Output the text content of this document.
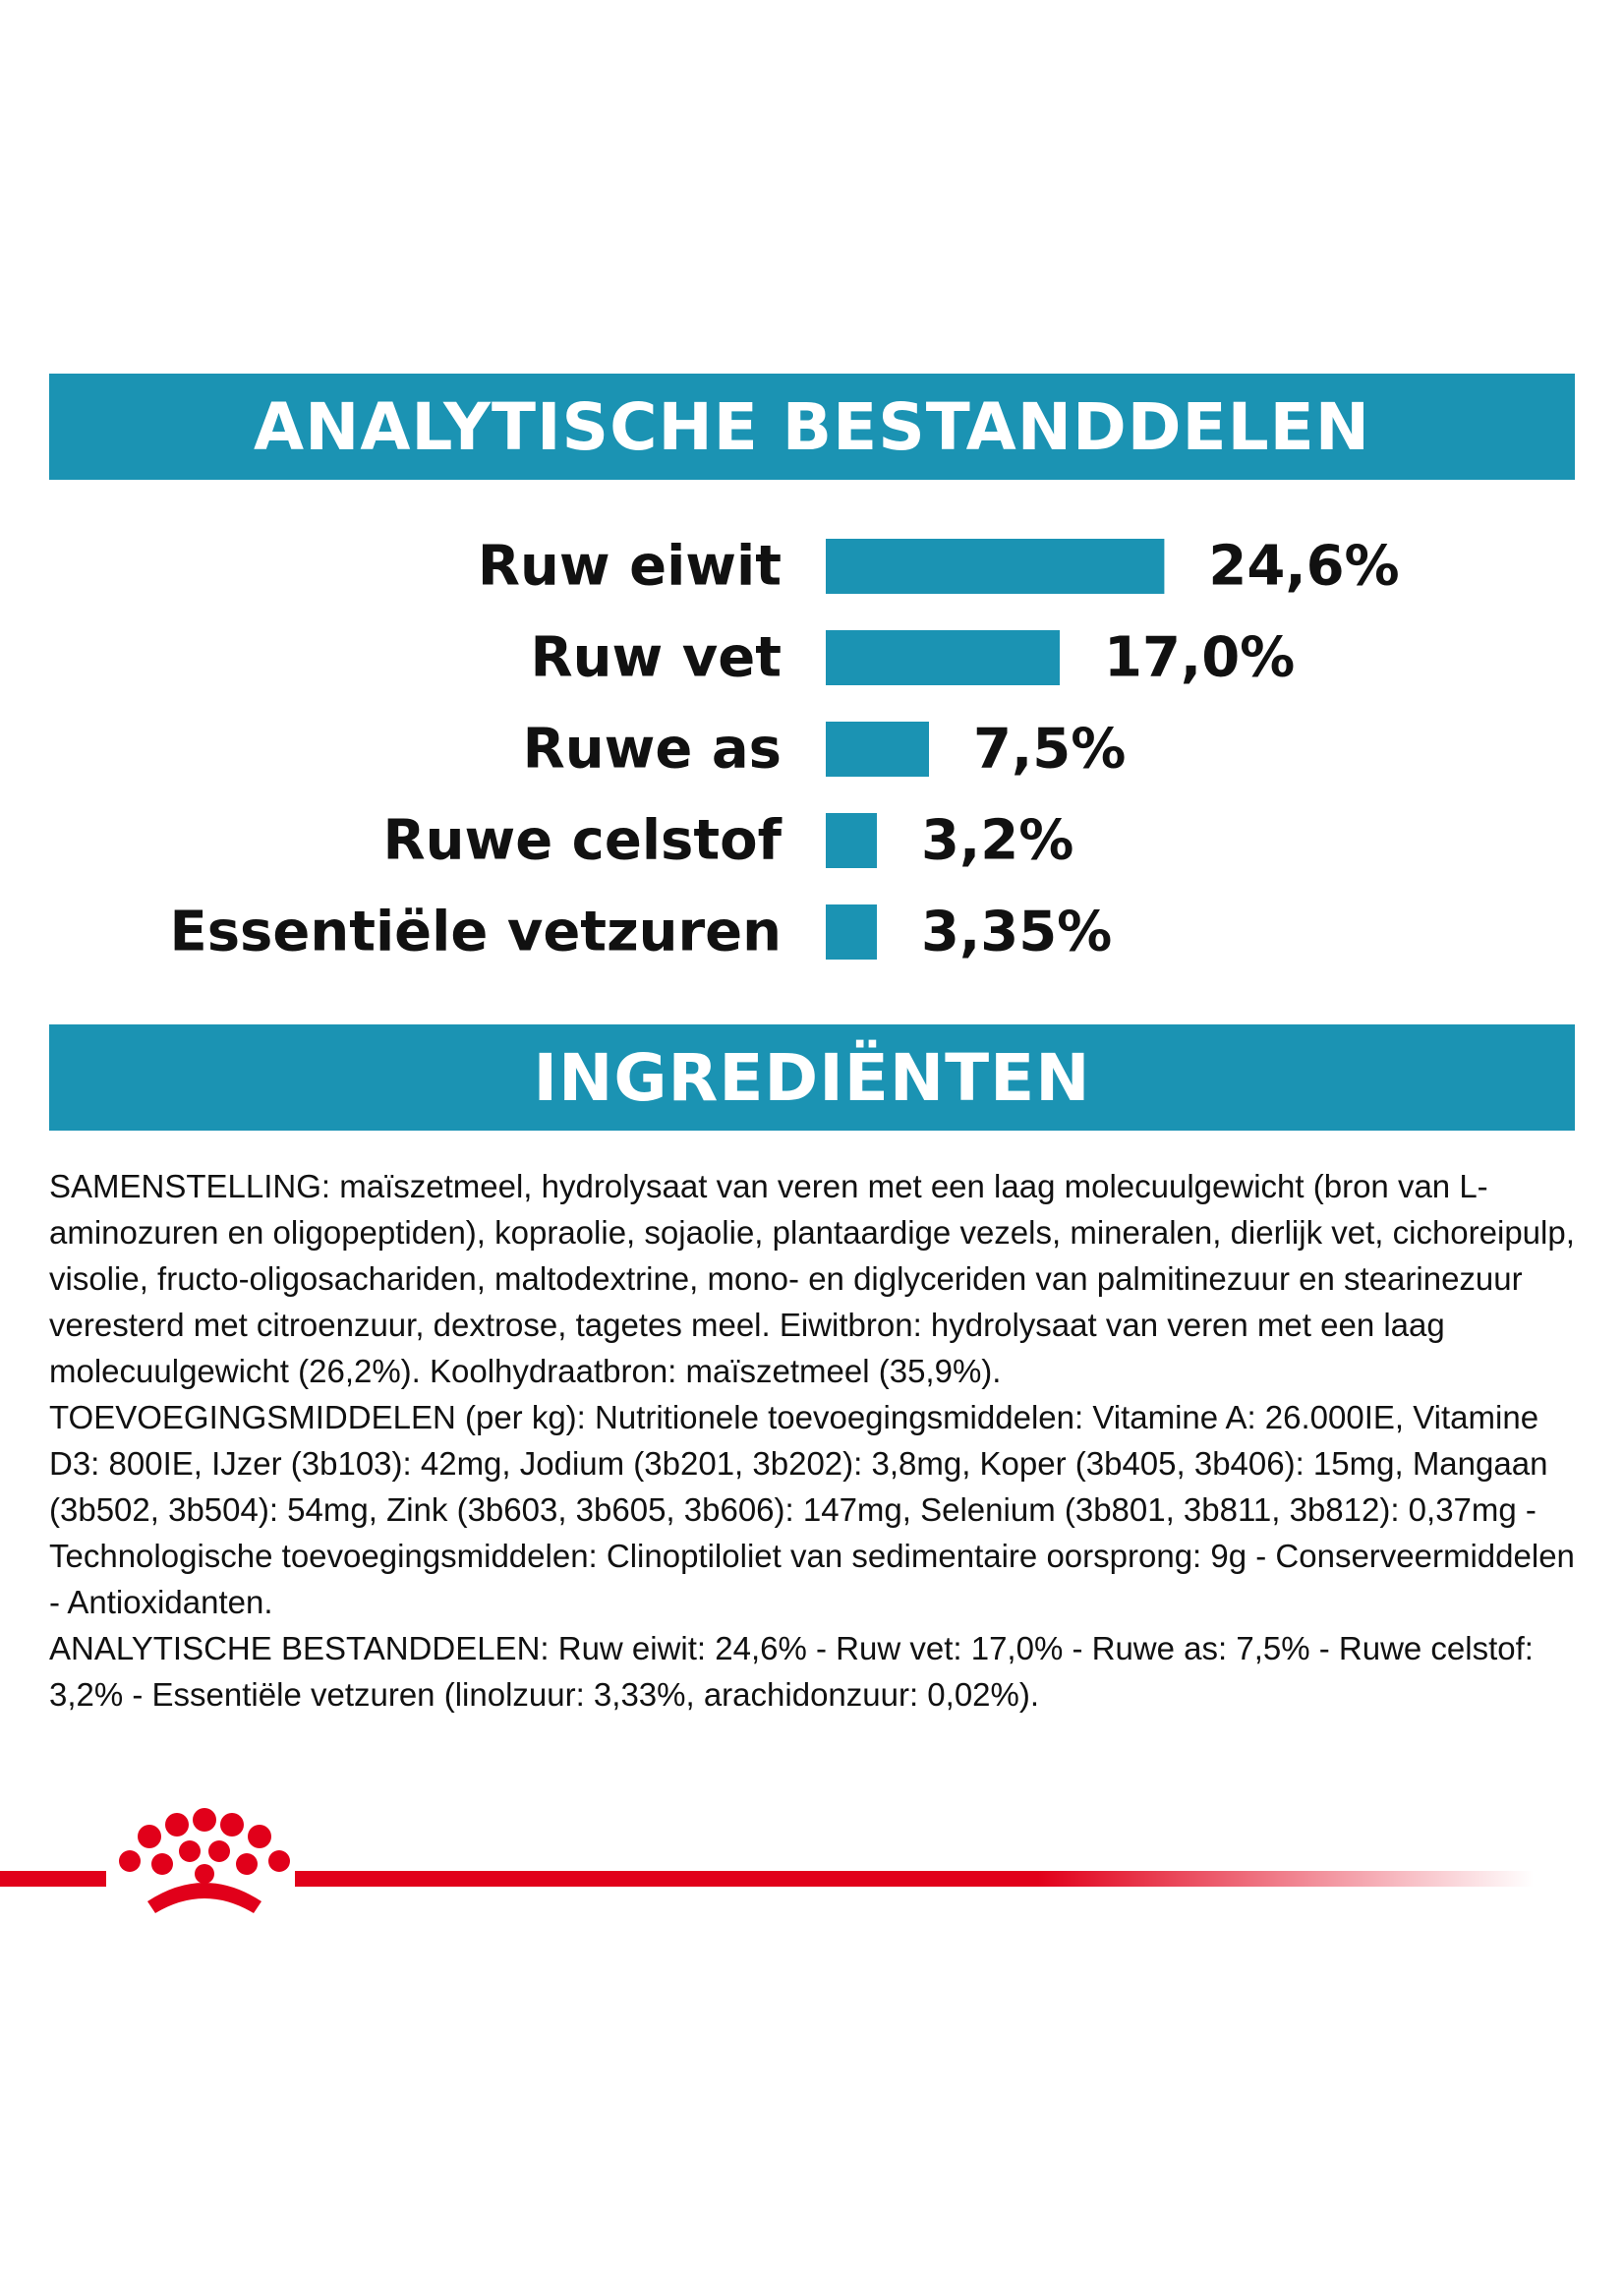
ANALYTISCHE BESTANDDELEN
Ruw eiwit	24,6%
Ruw vet	17,0%
Ruwe as	7,5%
Ruwe celstof	3,2%
Essentiële vetzuren	3,35%
INGREDIËNTEN

SAMENSTELLING: maïszetmeel, hydrolysaat van veren met een laag molecuulgewicht (bron van L-aminozuren en oligopeptiden), kopraolie, sojaolie, plantaardige vezels, mineralen, dierlijk vet, cichoreipulp, visolie, fructo-oligosachariden, maltodextrine, mono- en diglyceriden van palmitinezuur en stearinezuur veresterd met citroenzuur, dextrose, tagetes meel. Eiwitbron: hydrolysaat van veren met een laag molecuulgewicht (26,2%). Koolhydraatbron: maïszetmeel (35,9%).

TOEVOEGINGSMIDDELEN (per kg): Nutritionele toevoegingsmiddelen: Vitamine A: 26.000IE, Vitamine D3: 800IE, IJzer (3b103): 42mg, Jodium (3b201, 3b202): 3,8mg, Koper (3b405, 3b406): 15mg, Mangaan (3b502, 3b504): 54mg, Zink (3b603, 3b605, 3b606): 147mg, Selenium (3b801, 3b811, 3b812): 0,37mg - Technologische toevoegingsmiddelen: Clinoptiloliet van sedimentaire oorsprong: 9g - Conserveermiddelen - Antioxidanten.

ANALYTISCHE BESTANDDELEN: Ruw eiwit: 24,6% - Ruw vet: 17,0% - Ruwe as: 7,5% - Ruwe celstof: 3,2% - Essentiële vetzuren (linolzuur: 3,33%, arachidonzuur: 0,02%).
